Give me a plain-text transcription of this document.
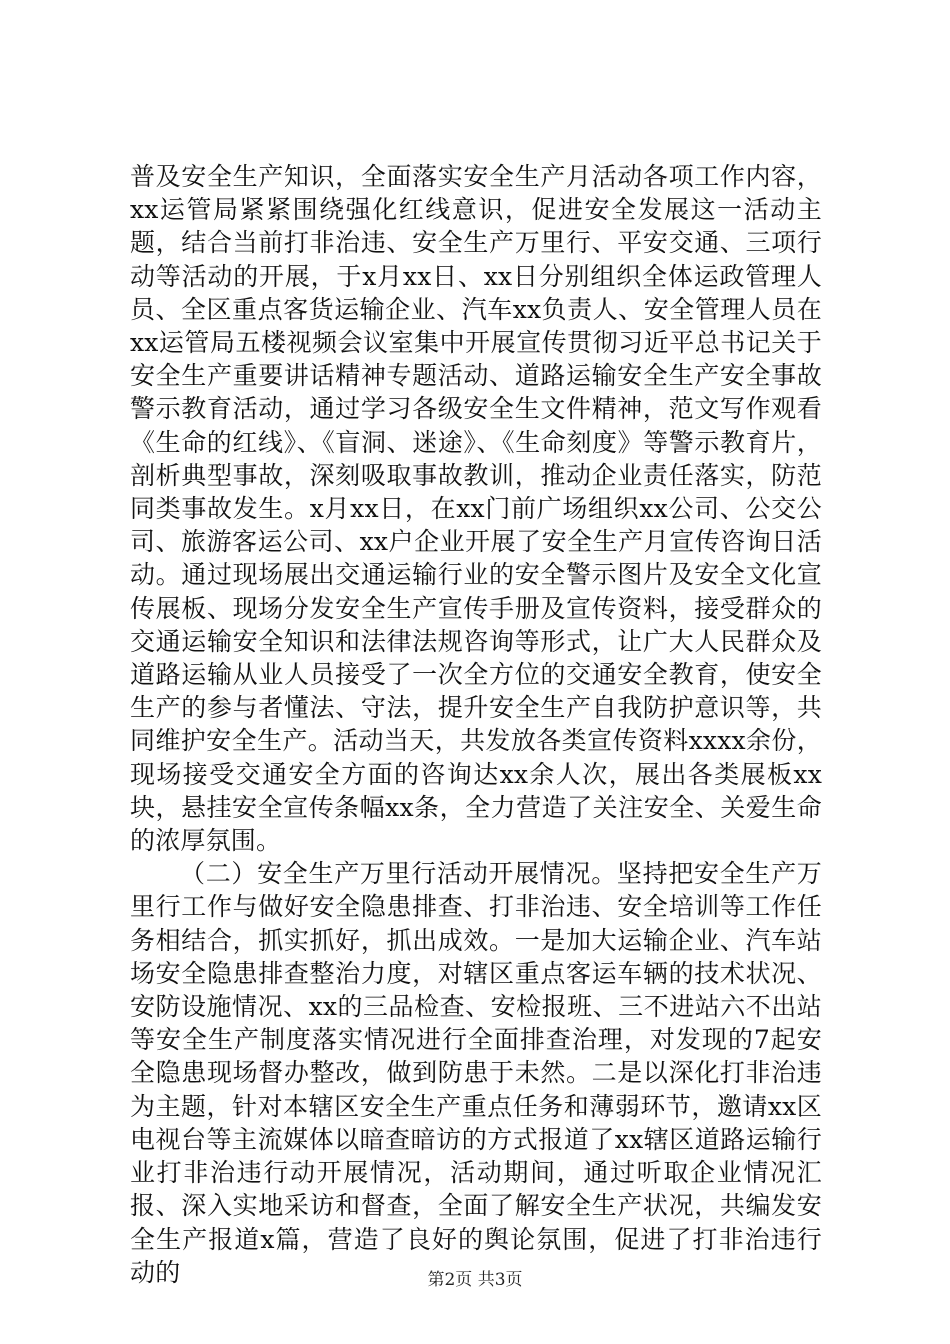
普及安全生产知识，全面落实安全生产月活动各项工作内容，xx运管局紧紧围绕强化红线意识，促进安全发展这一活动主题，结合当前打非治违、安全生产万里行、平安交通、三项行动等活动的开展，于x月xx日、xx日分别组织全体运政管理人员、全区重点客货运输企业、汽车xx负责人、安全管理人员在xx运管局五楼视频会议室集中开展宣传贯彻习近平总书记关于安全生产重要讲话精神专题活动、道路运输安全生产安全事故警示教育活动，通过学习各级安全生文件精神，范文写作观看《生命的红线》、《盲洞、迷途》、《生命刻度》等警示教育片，剖析典型事故，深刻吸取事故教训，推动企业责任落实，防范同类事故发生。x月xx日，在xx门前广场组织xx公司、公交公司、旅游客运公司、xx户企业开展了安全生产月宣传咨询日活动。通过现场展出交通运输行业的安全警示图片及安全文化宣传展板、现场分发安全生产宣传手册及宣传资料，接受群众的交通运输安全知识和法律法规咨询等形式，让广大人民群众及道路运输从业人员接受了一次全方位的交通安全教育，使安全生产的参与者懂法、守法，提升安全生产自我防护意识等，共同维护安全生产。活动当天，共发放各类宣传资料xxxx余份，现场接受交通安全方面的咨询达xx余人次，展出各类展板xx块，悬挂安全宣传条幅xx条，全力营造了关注安全、关爱生命的浓厚氛围。

（二）安全生产万里行活动开展情况。坚持把安全生产万里行工作与做好安全隐患排查、打非治违、安全培训等工作任务相结合，抓实抓好，抓出成效。一是加大运输企业、汽车站场安全隐患排查整治力度，对辖区重点客运车辆的技术状况、安防设施情况、xx的三品检查、安检报班、三不进站六不出站等安全生产制度落实情况进行全面排查治理，对发现的7起安全隐患现场督办整改，做到防患于未然。二是以深化打非治违为主题，针对本辖区安全生产重点任务和薄弱环节，邀请xx区电视台等主流媒体以暗查暗访的方式报道了xx辖区道路运输行业打非治违行动开展情况，活动期间，通过听取企业情况汇报、深入实地采访和督查，全面了解安全生产状况，共编发安全生产报道x篇，营造了良好的舆论氛围，促进了打非治违行动的	第2页 共3页
